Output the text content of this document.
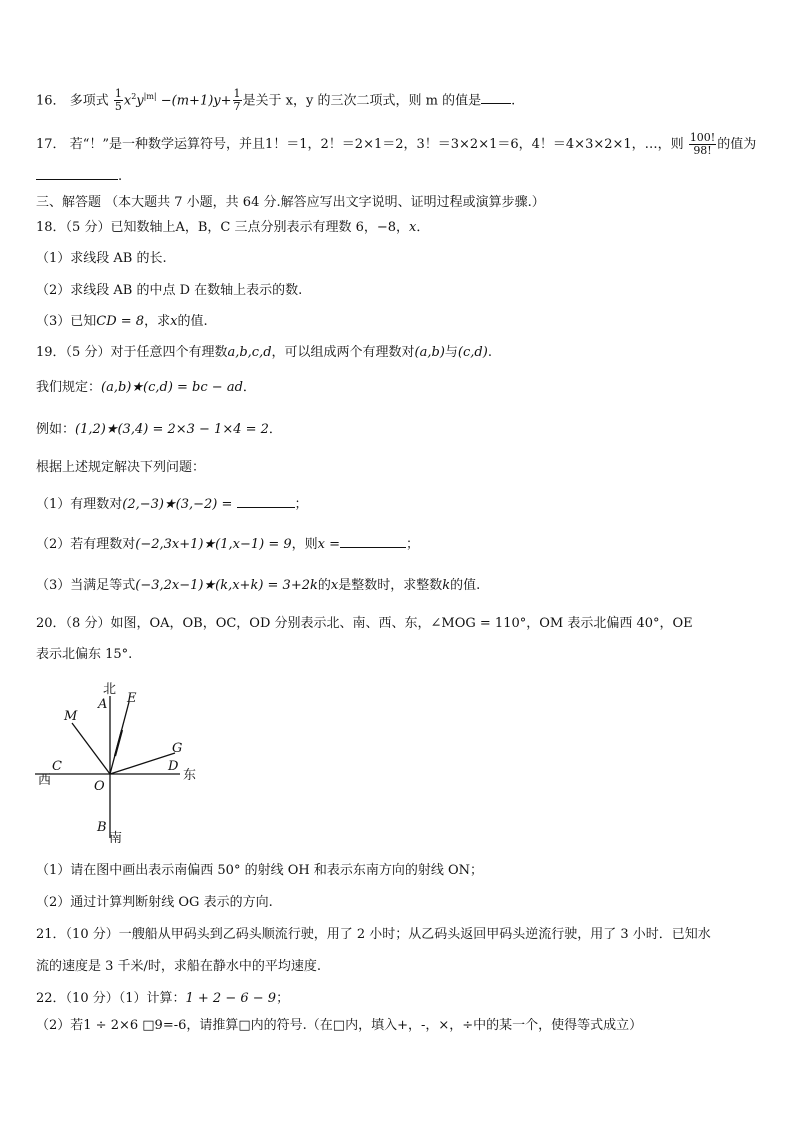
16． 多项式 $\frac{1}{5} x^2y^{|m|} -(m+1)y+ \frac{1}{7}$ 是关于 x，y 的三次二项式，则 m 的值是 .
17． 若“！”是一种数学运算符号，并且1！＝1，2！＝2×1＝2，3！＝3×2×1＝6，4！＝4×3×2×1，…，则 $\frac{100!}{98!}$ 的值为
.
三、解答题 （本大题共 7 小题，共 64 分.解答应写出文字说明、证明过程或演算步骤.）
18．（5 分）已知数轴上A，B，C 三点分别表示有理数 6，−8，x．
（1）求线段 AB 的长.
（2）求线段 AB 的中点 D 在数轴上表示的数.
（3）已知CD = 8，求x的值.
19．（5 分）对于任意四个有理数a,b,c,d，可以组成两个有理数对(a,b)与(c,d).
我们规定：(a,b)★(c,d) = bc − ad．
例如：(1,2)★(3,4) = 2×3 − 1×4 = 2．
根据上述规定解决下列问题：
（1）有理数对(2,−3)★(3,−2) =	；
（2）若有理数对(−2,3x+1)★(1,x−1) = 9，则x =	；
（3）当满足等式(−3,2x−1)★(k,x+k) = 3+2k的x是整数时，求整数k的值.
20．（8 分）如图，OA，OB，OC，OD 分别表示北、南、西、东，∠MOG = 110°，OM 表示北偏西 40°，OE
表示北偏东 15°.
北
A E
M
G
C	D
西	东
O
B
南
（1）请在图中画出表示南偏西 50° 的射线 OH 和表示东南方向的射线 ON；
（2）通过计算判断射线 OG 表示的方向.
21．（10 分）一艘船从甲码头到乙码头顺流行驶，用了 2 小时；从乙码头返回甲码头逆流行驶，用了 3 小时．已知水
流的速度是 3 千米/时，求船在静水中的平均速度.
22．（10 分）（1）计算：1 + 2 − 6 − 9；
（2）若1 ÷ 2×6 □9=-6，请推算□内的符号.（在□内，填入+，-，×，÷中的某一个，使得等式成立）
